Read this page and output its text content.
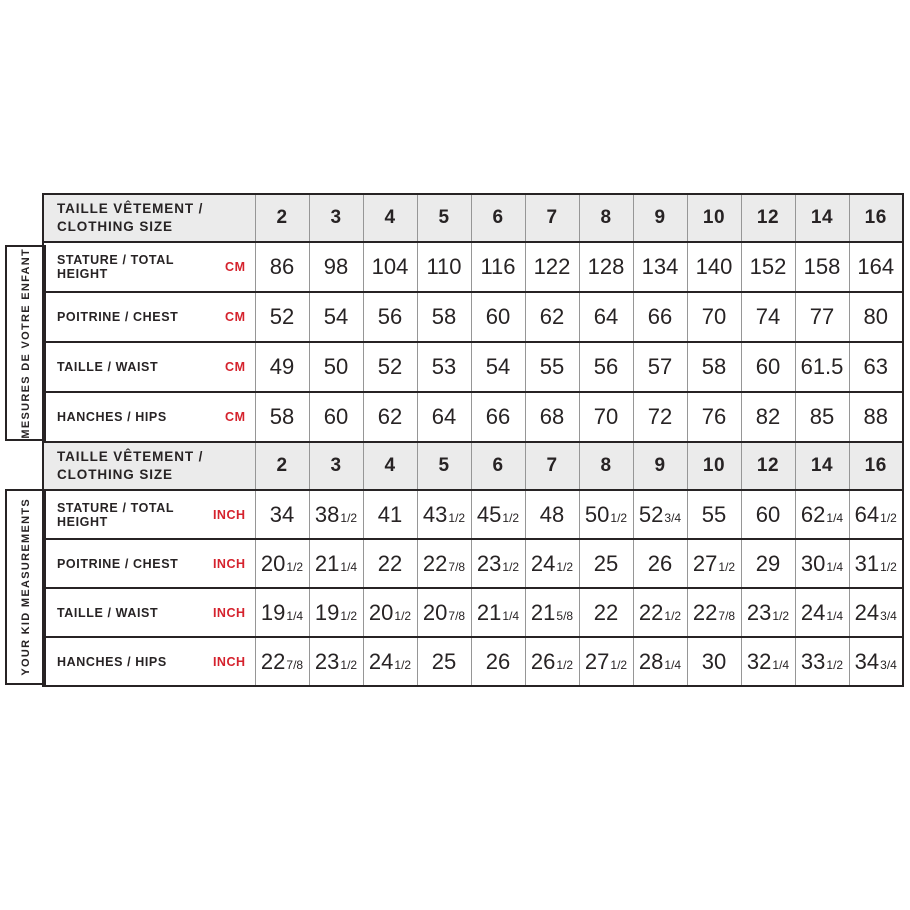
MESURES DE VOTRE ENFANT
YOUR KID MEASUREMENTS
TAILLE VÊTEMENT / CLOTHING SIZE	2	3	4	5	6	7	8	9	10	12	14	16

STATURE / TOTAL HEIGHT CM	86	98	104	110	116	122	128	134	140	152	158	164

POITRINE / CHEST CM	52	54	56	58	60	62	64	66	70	74	77	80

TAILLE / WAIST CM	49	50	52	53	54	55	56	57	58	60	61.5	63

HANCHES / HIPS CM	58	60	62	64	66	68	70	72	76	82	85	88

TAILLE VÊTEMENT / CLOTHING SIZE	2	3	4	5	6	7	8	9	10	12	14	16

STATURE / TOTAL HEIGHT INCH	34	381/2	41	431/2	451/2	48	501/2	523/4	55	60	621/4	641/2

POITRINE / CHEST INCH	201/2	211/4	22	227/8	231/2	241/2	25	26	271/2	29	301/4	311/2

TAILLE / WAIST INCH	191/4	191/2	201/2	207/8	211/4	215/8	22	221/2	227/8	231/2	241/4	243/4

HANCHES / HIPS INCH	227/8	231/2	241/2	25	26	261/2	271/2	281/4	30	321/4	331/2	343/4
